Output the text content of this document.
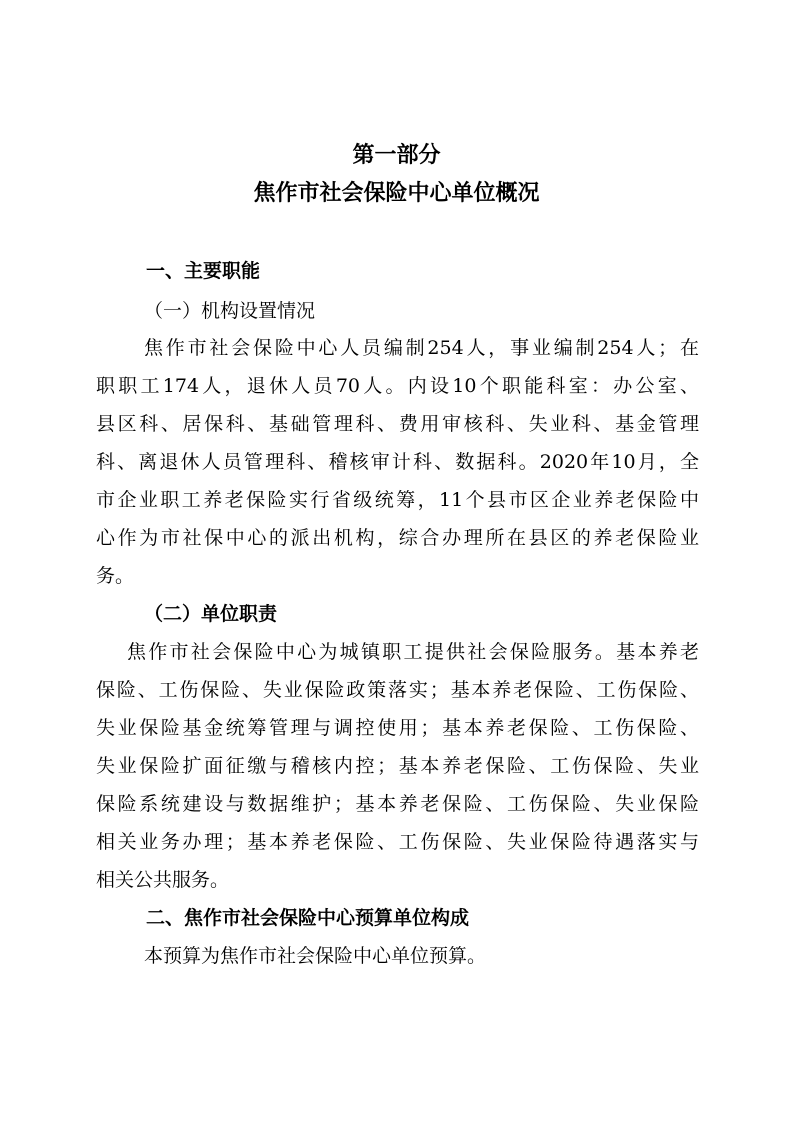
第一部分
焦作市社会保险中心单位概况
一、主要职能
（一）机构设置情况
焦作市社会保险中心人员编制254人，事业编制254人；在
职职工174人，退休人员70人。内设10个职能科室：办公室、
县区科、居保科、基础管理科、费用审核科、失业科、基金管理
科、离退休人员管理科、稽核审计科、数据科。2020年10月，全
市企业职工养老保险实行省级统筹，11个县市区企业养老保险中
心作为市社保中心的派出机构，综合办理所在县区的养老保险业
务。
（二）单位职责
焦作市社会保险中心为城镇职工提供社会保险服务。基本养老
保险、工伤保险、失业保险政策落实；基本养老保险、工伤保险、
失业保险基金统筹管理与调控使用；基本养老保险、工伤保险、
失业保险扩面征缴与稽核内控；基本养老保险、工伤保险、失业
保险系统建设与数据维护；基本养老保险、工伤保险、失业保险
相关业务办理；基本养老保险、工伤保险、失业保险待遇落实与
相关公共服务。
二、焦作市社会保险中心预算单位构成
本预算为焦作市社会保险中心单位预算。
